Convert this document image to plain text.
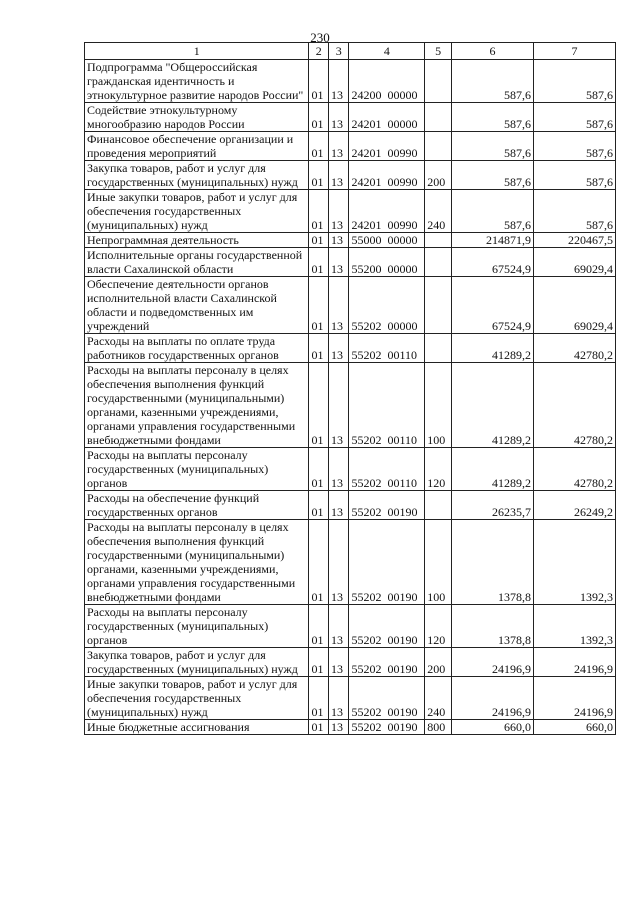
230
1	2	3	4	5	6	7
Подпрограмма "Общероссийская гражданская идентичность и этнокультурное развитие народов России"	01	13	24200  00000		587,6	587,6
Содействие этнокультурному многообразию народов России	01	13	24201  00000		587,6	587,6
Финансовое обеспечение организации и проведения мероприятий	01	13	24201  00990		587,6	587,6
Закупка товаров, работ и услуг для государственных (муниципальных) нужд	01	13	24201  00990	200	587,6	587,6
Иные закупки товаров, работ и услуг для обеспечения государственных (муниципальных) нужд	01	13	24201  00990	240	587,6	587,6
Непрограммная деятельность	01	13	55000  00000		214871,9	220467,5
Исполнительные органы государственной власти Сахалинской области	01	13	55200  00000		67524,9	69029,4
Обеспечение деятельности органов исполнительной власти Сахалинской области и подведомственных им учреждений	01	13	55202  00000		67524,9	69029,4
Расходы на выплаты по оплате труда работников государственных органов	01	13	55202  00110		41289,2	42780,2
Расходы на выплаты персоналу в целях обеспечения выполнения функций государственными (муниципальными) органами, казенными учреждениями, органами управления государственными внебюджетными фондами	01	13	55202  00110	100	41289,2	42780,2
Расходы на выплаты персоналу государственных (муниципальных) органов	01	13	55202  00110	120	41289,2	42780,2
Расходы на обеспечение функций государственных органов	01	13	55202  00190		26235,7	26249,2
Расходы на выплаты персоналу в целях обеспечения выполнения функций государственными (муниципальными) органами, казенными учреждениями, органами управления государственными внебюджетными фондами	01	13	55202  00190	100	1378,8	1392,3
Расходы на выплаты персоналу государственных (муниципальных) органов	01	13	55202  00190	120	1378,8	1392,3
Закупка товаров, работ и услуг для государственных (муниципальных) нужд	01	13	55202  00190	200	24196,9	24196,9
Иные закупки товаров, работ и услуг для обеспечения государственных (муниципальных) нужд	01	13	55202  00190	240	24196,9	24196,9
Иные бюджетные ассигнования	01	13	55202  00190	800	660,0	660,0
